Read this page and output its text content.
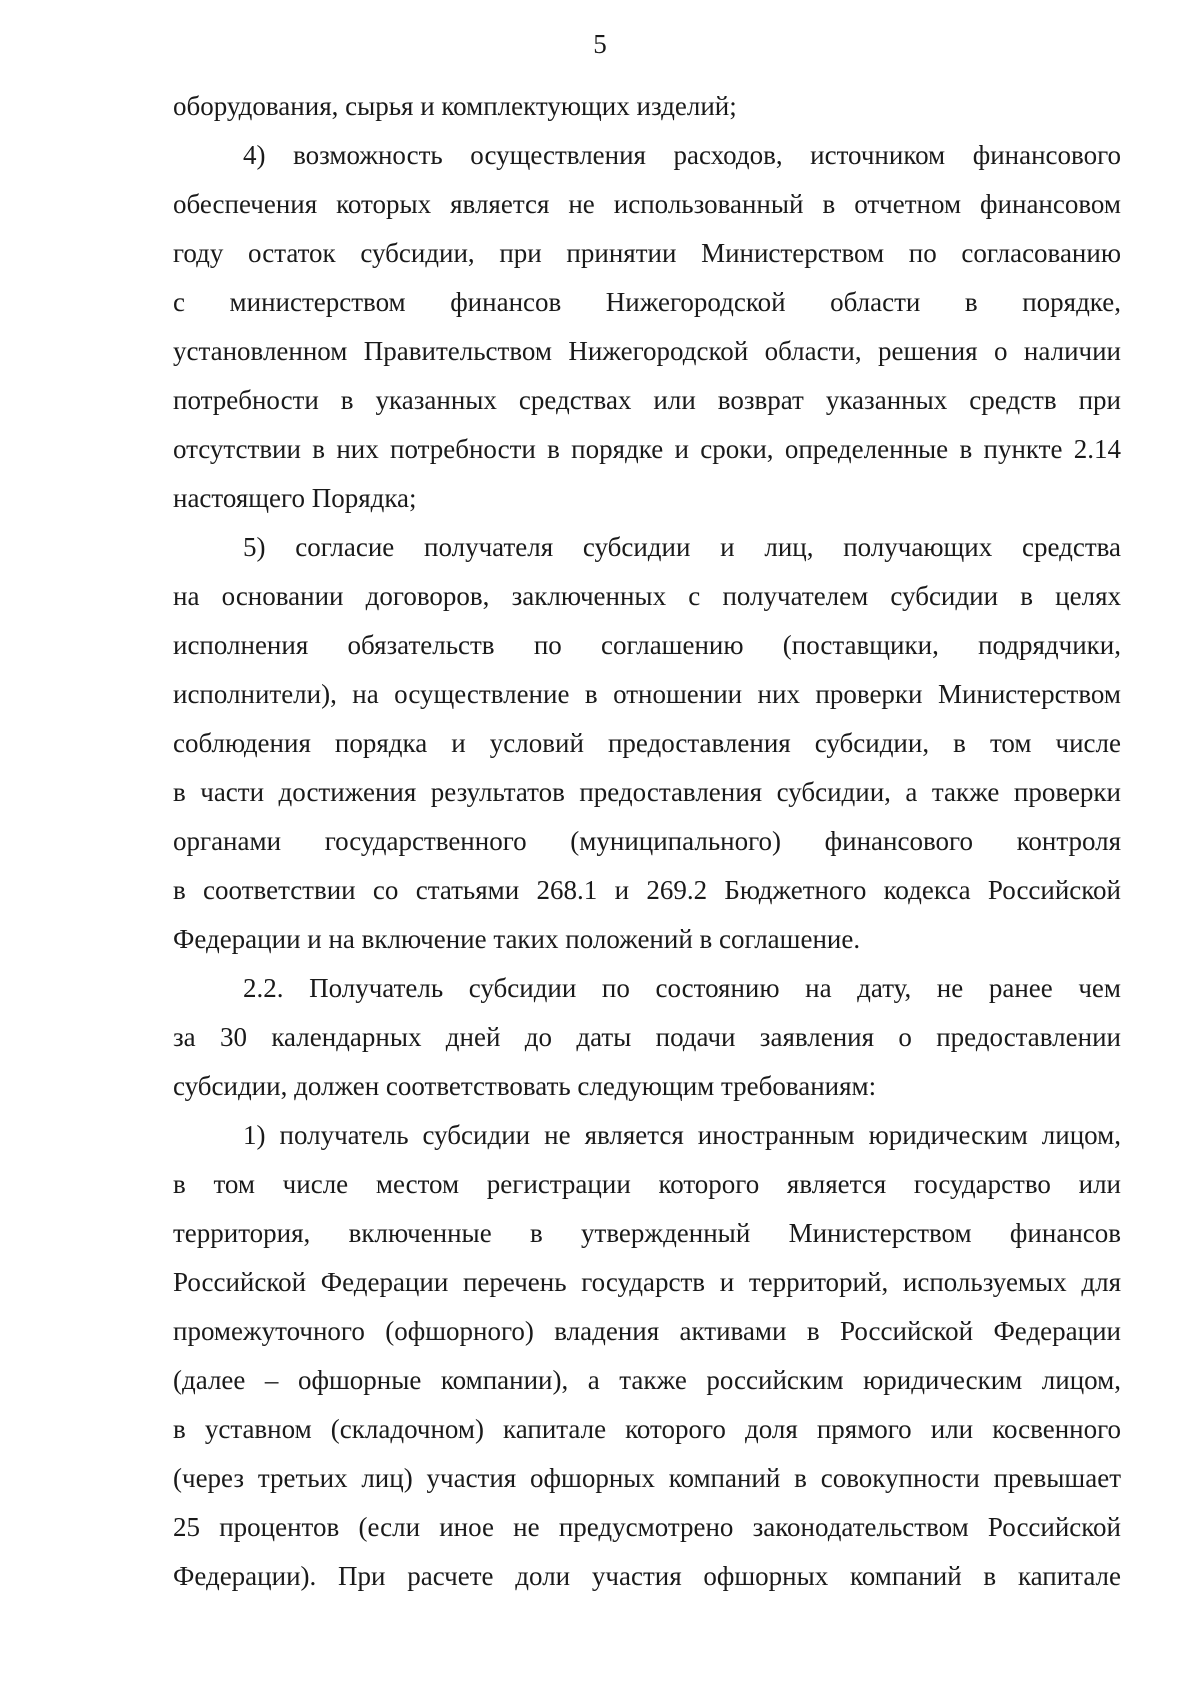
5
оборудования, сырья и комплектующих изделий;
4) возможность осуществления расходов, источником финансового
обеспечения которых является не использованный в отчетном финансовом
году остаток субсидии, при принятии Министерством по согласованию
с министерством финансов Нижегородской области в порядке,
установленном Правительством Нижегородской области, решения о наличии
потребности в указанных средствах или возврат указанных средств при
отсутствии в них потребности в порядке и сроки, определенные в пункте 2.14
настоящего Порядка;
5) согласие получателя субсидии и лиц, получающих средства
на основании договоров, заключенных с получателем субсидии в целях
исполнения обязательств по соглашению (поставщики, подрядчики,
исполнители), на осуществление в отношении них проверки Министерством
соблюдения порядка и условий предоставления субсидии, в том числе
в части достижения результатов предоставления субсидии, а также проверки
органами государственного (муниципального) финансового контроля
в соответствии со статьями 268.1 и 269.2 Бюджетного кодекса Российской
Федерации и на включение таких положений в соглашение.
2.2. Получатель субсидии по состоянию на дату, не ранее чем
за 30 календарных дней до даты подачи заявления о предоставлении
субсидии, должен соответствовать следующим требованиям:
1) получатель субсидии не является иностранным юридическим лицом,
в том числе местом регистрации которого является государство или
территория, включенные в утвержденный Министерством финансов
Российской Федерации перечень государств и территорий, используемых для
промежуточного (офшорного) владения активами в Российской Федерации
(далее – офшорные компании), а также российским юридическим лицом,
в уставном (складочном) капитале которого доля прямого или косвенного
(через третьих лиц) участия офшорных компаний в совокупности превышает
25 процентов (если иное не предусмотрено законодательством Российской
Федерации). При расчете доли участия офшорных компаний в капитале
